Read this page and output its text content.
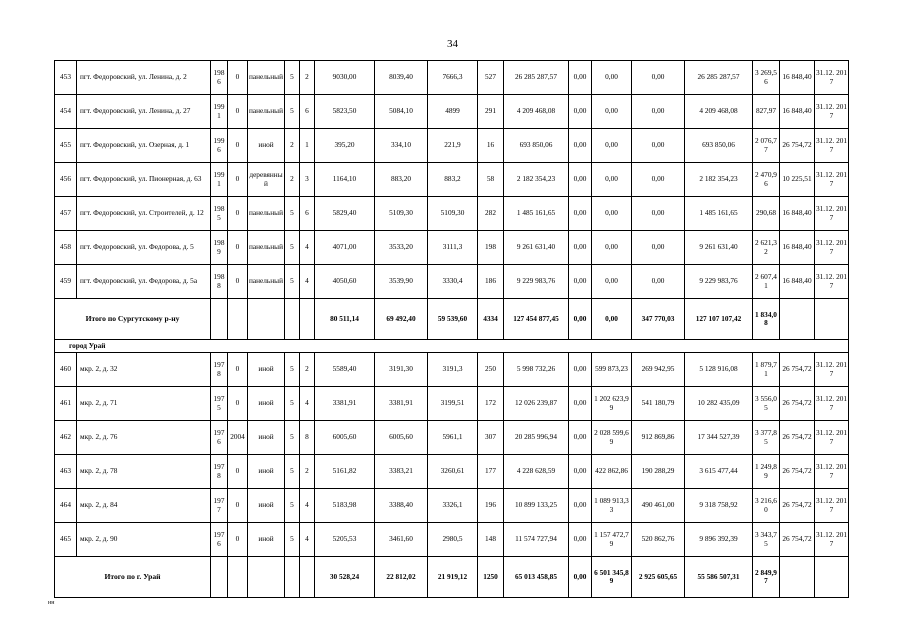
34
453	пгт. Федоровский, ул. Ленина, д. 2	1986	0	панельный	5	2	9030,00	8039,40	7666,3	527	26 285 287,57	0,00	0,00	0,00	26 285 287,57	3 269,56	16 848,40	31.12. 2017
454	пгт. Федоровский, ул. Ленина, д. 27	1991	0	панельный	5	6	5823,50	5084,10	4899	291	4 209 468,08	0,00	0,00	0,00	4 209 468,08	827,97	16 848,40	31.12. 2017
455	пгт. Федоровский, ул. Озерная, д. 1	1996	0	иной	2	1	395,20	334,10	221,9	16	693 850,06	0,00	0,00	0,00	693 850,06	2 076,77	26 754,72	31.12. 2017
456	пгт. Федоровский, ул. Пионерная, д. 63	1991	0	деревянный	2	3	1164,10	883,20	883,2	58	2 182 354,23	0,00	0,00	0,00	2 182 354,23	2 470,96	10 225,51	31.12. 2017
457	пгт. Федоровский, ул. Строителей, д. 12	1985	0	панельный	5	6	5829,40	5109,30	5109,30	282	1 485 161,65	0,00	0,00	0,00	1 485 161,65	290,68	16 848,40	31.12. 2017
458	пгт. Федоровский, ул. Федорова, д. 5	1989	0	панельный	5	4	4071,00	3533,20	3111,3	198	9 261 631,40	0,00	0,00	0,00	9 261 631,40	2 621,32	16 848,40	31.12. 2017
459	пгт. Федоровский, ул. Федорова, д. 5а	1988	0	панельный	5	4	4050,60	3539,90	3330,4	186	9 229 983,76	0,00	0,00	0,00	9 229 983,76	2 607,41	16 848,40	31.12. 2017
Итого по Сургутскому р-ну							80 511,14	69 492,40	59 539,60	4334	127 454 877,45	0,00	0,00	347 770,03	127 107 107,42	1 834,08		
город Урай																		
460	мкр. 2, д. 32	1978	0	иной	5	2	5589,40	3191,30	3191,3	250	5 998 732,26	0,00	599 873,23	269 942,95	5 128 916,08	1 879,71	26 754,72	31.12. 2017
461	мкр. 2, д. 71	1975	0	иной	5	4	3381,91	3381,91	3199,51	172	12 026 239,87	0,00	1 202 623,99	541 180,79	10 282 435,09	3 556,05	26 754,72	31.12. 2017
462	мкр. 2, д. 76	1976	2004	иной	5	8	6005,60	6005,60	5961,1	307	20 285 996,94	0,00	2 028 599,69	912 869,86	17 344 527,39	3 377,85	26 754,72	31.12. 2017
463	мкр. 2, д. 78	1978	0	иной	5	2	5161,82	3383,21	3260,61	177	4 228 628,59	0,00	422 862,86	190 288,29	3 615 477,44	1 249,89	26 754,72	31.12. 2017
464	мкр. 2, д. 84	1977	0	иной	5	4	5183,98	3388,40	3326,1	196	10 899 133,25	0,00	1 089 913,33	490 461,00	9 318 758,92	3 216,60	26 754,72	31.12. 2017
465	мкр. 2, д. 90	1976	0	иной	5	4	5205,53	3461,60	2980,5	148	11 574 727,94	0,00	1 157 472,79	520 862,76	9 896 392,39	3 343,75	26 754,72	31.12. 2017
Итого по г. Урай							30 528,24	22 812,02	21 919,12	1250	65 013 458,85	0,00	6 501 345,89	2 925 605,65	55 586 507,31	2 849,97		
нн
